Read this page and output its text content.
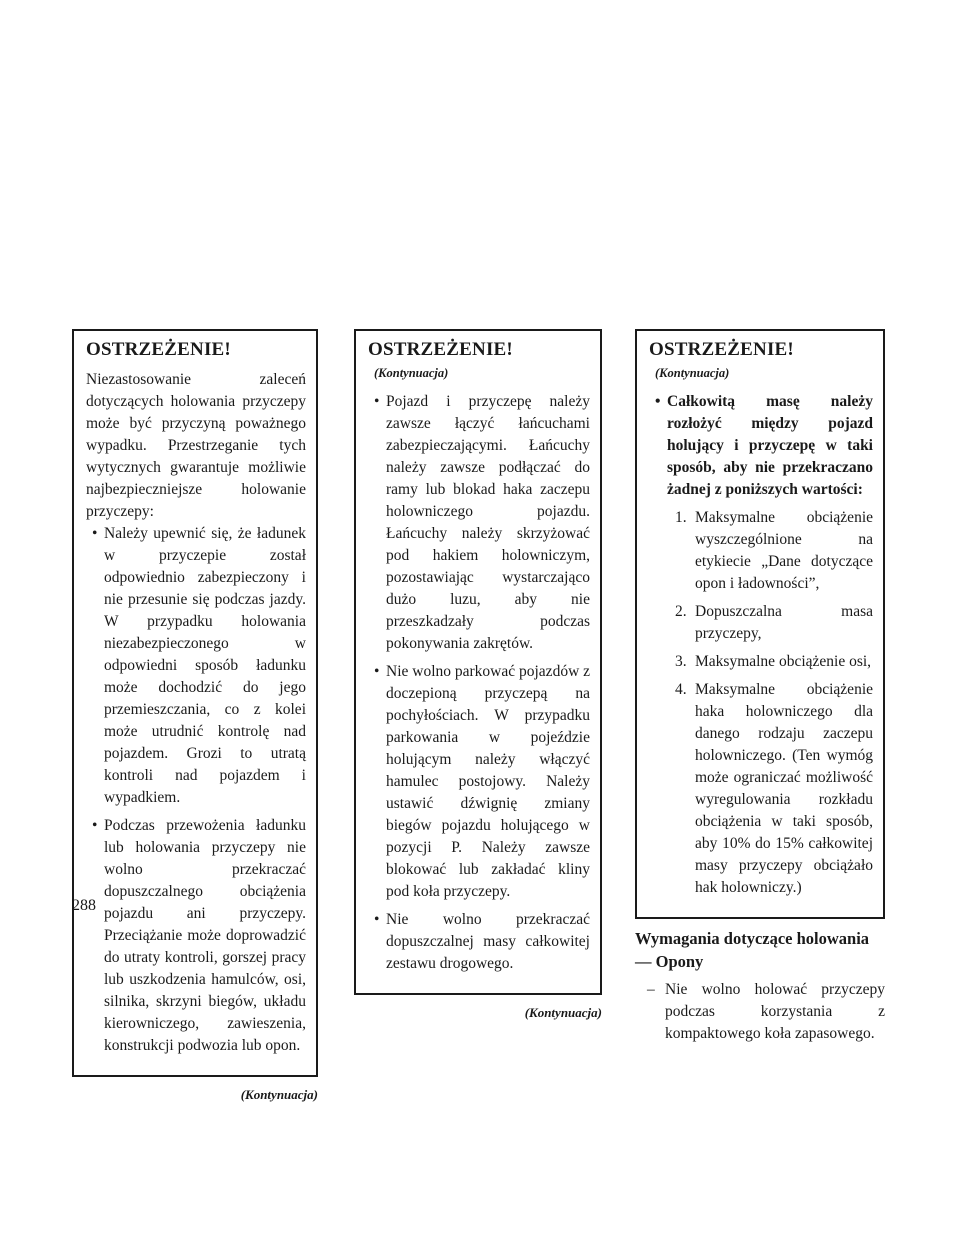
OSTRZEŻENIE!
Niezastosowanie zaleceń dotyczących holowania przyczepy może być przyczyną poważnego wypadku. Przestrzeganie tych wytycznych gwarantuje możliwie najbezpieczniejsze holowanie przyczepy:
• Należy upewnić się, że ładunek w przyczepie został odpowiednio zabezpieczony i nie przesunie się podczas jazdy. W przypadku holowania niezabezpieczonego w odpowiedni sposób ładunku może dochodzić do jego przemieszczania, co z kolei może utrudnić kontrolę nad pojazdem. Grozi to utratą kontroli nad pojazdem i wypadkiem.
• Podczas przewożenia ładunku lub holowania przyczepy nie wolno przekraczać dopuszczalnego obciążenia pojazdu ani przyczepy. Przeciążanie może doprowadzić do utraty kontroli, gorszej pracy lub uszkodzenia hamulców, osi, silnika, skrzyni biegów, układu kierowniczego, zawieszenia, konstrukcji podwozia lub opon.
(Kontynuacja)
OSTRZEŻENIE!(Kontynuacja)
• Pojazd i przyczepę należy zawsze łączyć łańcuchami zabezpieczającymi. Łańcuchy należy zawsze podłączać do ramy lub blokad haka zaczepu holowniczego pojazdu. Łańcuchy należy skrzyżować pod hakiem holowniczym, pozostawiając wystarczająco dużo luzu, aby nie przeszkadzały podczas pokonywania zakrętów.
• Nie wolno parkować pojazdów z doczepioną przyczepą na pochyłościach. W przypadku parkowania w pojeździe holującym należy włączyć hamulec postojowy. Należy ustawić dźwignię zmiany biegów pojazdu holującego w pozycji P. Należy zawsze blokować lub zakładać kliny pod koła przyczepy.
• Nie wolno przekraczać dopuszczalnej masy całkowitej zestawu drogowego.
(Kontynuacja)
OSTRZEŻENIE!(Kontynuacja)
• Całkowitą masę należy rozłożyć między pojazd holujący i przyczepę w taki sposób, aby nie przekraczano żadnej z poniższych wartości:
1. Maksymalne obciążenie wyszczególnione na etykiecie „Dane dotyczące opon i ładowności”,
2. Dopuszczalna masa przyczepy,
3. Maksymalne obciążenie osi,
4. Maksymalne obciążenie haka holowniczego dla danego rodzaju zaczepu holowniczego. (Ten wymóg może ograniczać możliwość wyregulowania rozkładu obciążenia w taki sposób, aby 10% do 15% całkowitej masy przyczepy obciążało hak holowniczy.)
Wymagania dotyczące holowania — Opony
– Nie wolno holować przyczepy podczas korzystania z kompaktowego koła zapasowego.
288
